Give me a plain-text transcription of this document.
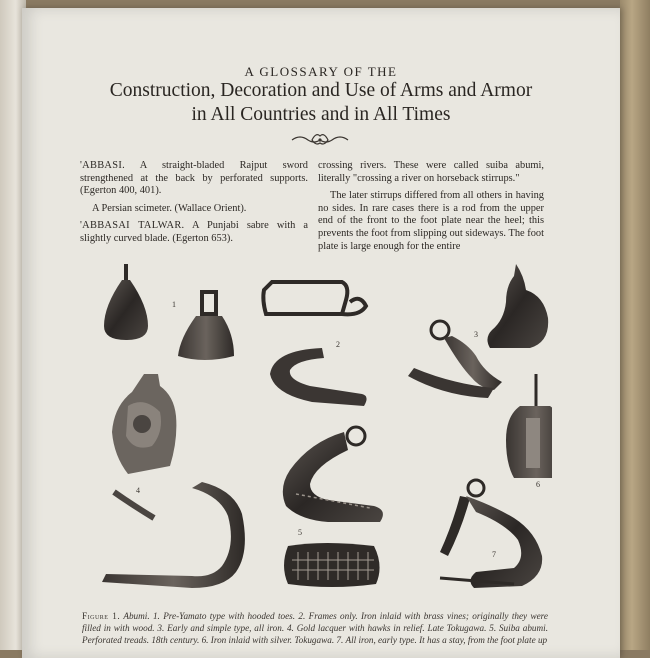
A GLOSSARY OF THE
Construction, Decoration and Use of Arms and Armor
in All Countries and in All Times

'ABBASI. A straight-bladed Rajput sword strengthened at the back by perforated supports. (Egerton 400, 401).

A Persian scimeter. (Wallace Orient).

'ABBASAI TALWAR. A Punjabi sabre with a slightly curved blade. (Egerton 653).

crossing rivers. These were called suiba abumi, literally "crossing a river on horseback stirrups."

The later stirrups differed from all others in having no sides. In rare cases there is a rod from the upper end of the front to the foot plate near the heel; this prevents the foot from slipping out sideways. The foot plate is large enough for the entire

1
2
3
4
5
6
7
Figure 1. Abumi. 1. Pre-Yamato type with hooded toes. 2. Frames only. Iron inlaid with brass vines; originally they were filled in with wood. 3. Early and simple type, all iron. 4. Gold lacquer with hawks in relief. Late Tokugawa. 5. Suiba abumi. Perforated treads. 18th century. 6. Iron inlaid with silver. Tokugawa. 7. All iron, early type. It has a stay, from the foot plate up
